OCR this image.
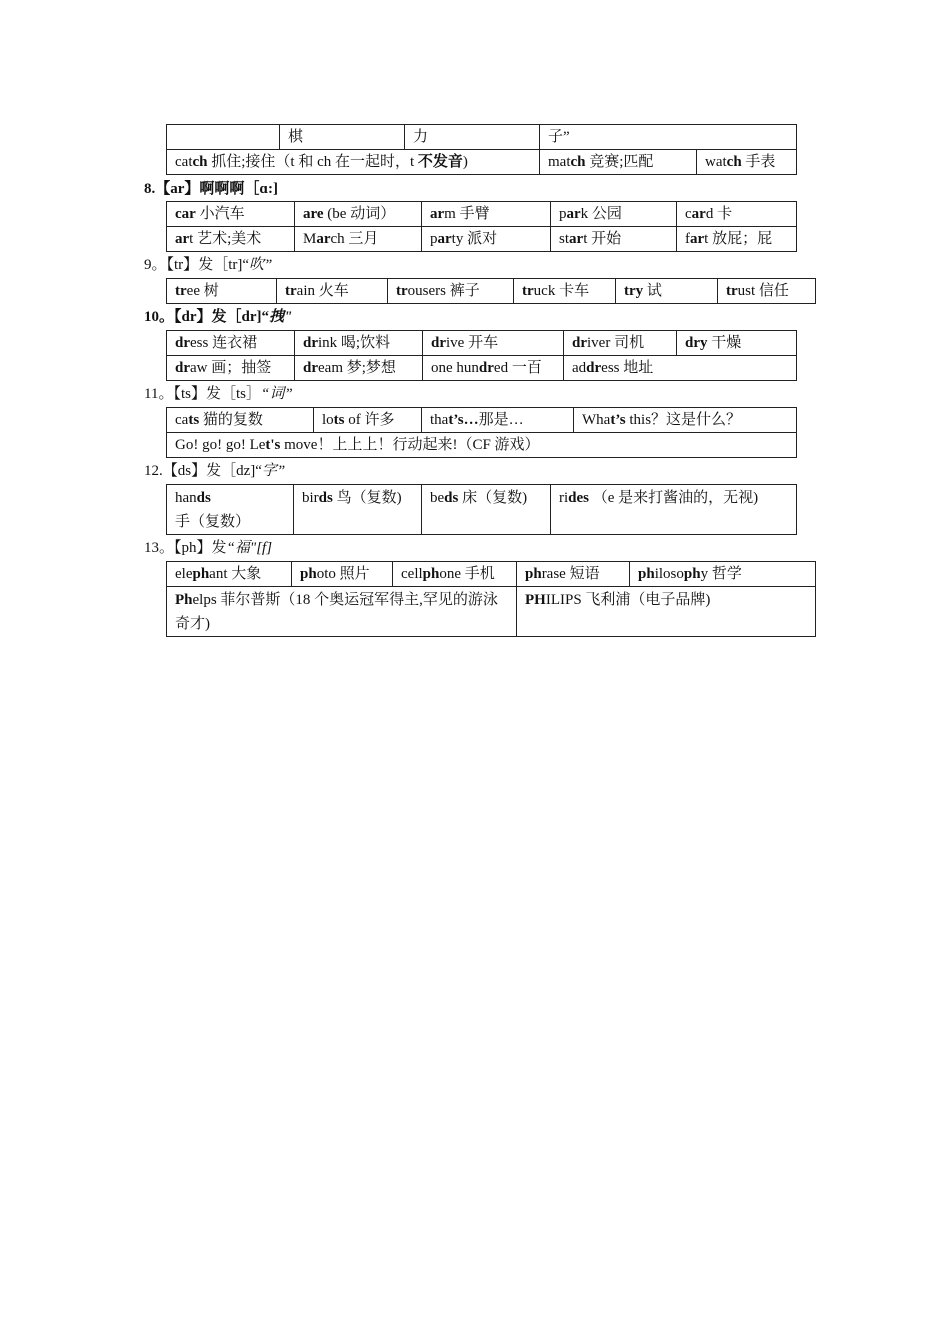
	棋	力	子”	
catch 抓住;接住（t 和 ch 在一起时，t 不发音)			match 竞赛;匹配	watch 手表
8.【ar】啊啊啊［ɑ:]
car 小汽车	are (be 动词）	arm 手臂	park 公园	card 卡
art 艺术;美术	March 三月	party 派对	start 开始	fart 放屁；屁
9。【tr】发［tr]“吹”
tree 树	train 火车	trousers 裤子	truck 卡车	try 试	trust 信任
10。【dr】发［dr]“拽"
dress 连衣裙	drink 喝;饮料	drive 开车	driver 司机	dry 干燥
draw 画；抽签	dream 梦;梦想	one hundred 一百	address 地址	
11。【ts】发［ts］“词”
cats 猫的复数	lots of 许多	that’s…那是…	What’s this？这是什么？
Go! go! go! Let's move！上上上！行动起来!（CF 游戏）
12.【ds】发［dz]“字”
hands 手（复数）	birds 鸟（复数)	beds 床（复数)	rides （e 是来打酱油的，无视)
13。【ph】发“福"[f]
elephant 大象	photo 照片	cellphone 手机	phrase 短语	philosophy 哲学
Phelps 菲尔普斯（18 个奥运冠军得主,罕见的游泳奇才)			PHILIPS 飞利浦（电子品牌)	
